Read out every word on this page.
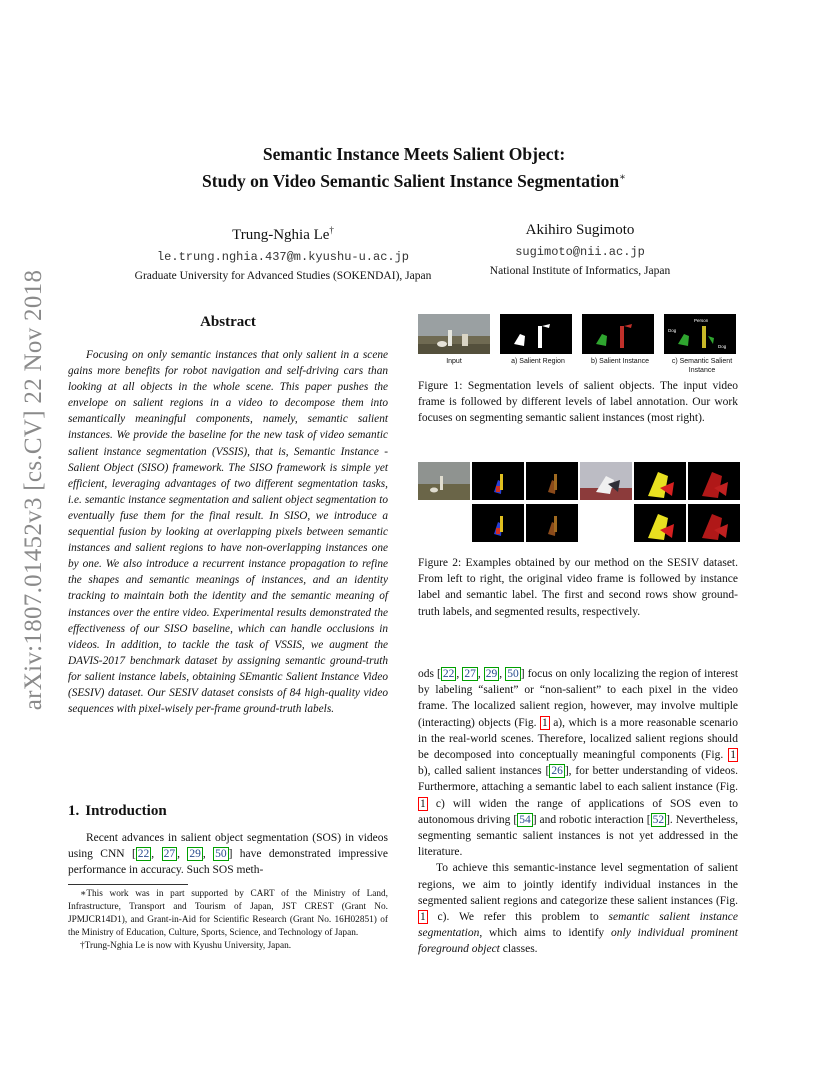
arXiv:1807.01452v3 [cs.CV] 22 Nov 2018
Semantic Instance Meets Salient Object:
Study on Video Semantic Salient Instance Segmentation∗
Trung-Nghia Le†
le.trung.nghia.437@m.kyushu-u.ac.jp
Graduate University for Advanced Studies (SOKENDAI), Japan
Akihiro Sugimoto
sugimoto@nii.ac.jp
National Institute of Informatics, Japan
Abstract

Focusing on only semantic instances that only salient in a scene gains more benefits for robot navigation and self-driving cars than looking at all objects in the whole scene. This paper pushes the envelope on salient regions in a video to decompose them into semantically meaningful components, namely, semantic salient instances. We provide the baseline for the new task of video semantic salient instance segmentation (VSSIS), that is, Semantic Instance - Salient Object (SISO) framework. The SISO framework is simple yet efficient, leveraging advantages of two different segmentation tasks, i.e. semantic instance segmentation and salient object segmentation to eventually fuse them for the final result. In SISO, we introduce a sequential fusion by looking at overlapping pixels between semantic instances and salient regions to have non-overlapping instances one by one. We also introduce a recurrent instance propagation to refine the shapes and semantic meanings of instances, and an identity tracking to maintain both the identity and the semantic meaning of instances over the entire video. Experimental results demonstrated the effectiveness of our SISO baseline, which can handle occlusions in videos. In addition, to tackle the task of VSSIS, we augment the DAVIS-2017 benchmark dataset by assigning semantic ground-truth for salient instance labels, obtaining SEmantic Salient Instance Video (SESIV) dataset. Our SESIV dataset consists of 84 high-quality video sequences with pixel-wisely per-frame ground-truth labels.

1. Introduction

Recent advances in salient object segmentation (SOS) in videos using CNN [ 22 , 27 , 29 , 50 ] have demonstrated impressive performance in accuracy. Such SOS meth-

∗This work was in part supported by CART of the Ministry of Land, Infrastructure, Transport and Tourism of Japan, JST CREST (Grant No. JPMJCR14D1), and Grant-in-Aid for Scientific Research (Grant No. 16H02851) of the Ministry of Education, Culture, Sports, Science, and Technology of Japan.

†Trung-Nghia Le is now with Kyushu University, Japan.

Person
Dog
Dog
Input	a) Salient Region	b) Salient Instance	c) Semantic Salient Instance

Figure 1: Segmentation levels of salient objects. The input video frame is followed by different levels of label annotation. Our work focuses on segmenting semantic salient instances (most right).

Figure 2: Examples obtained by our method on the SESIV dataset. From left to right, the original video frame is followed by instance label and semantic label. The first and second rows show ground-truth labels, and segmented results, respectively.

ods [ 22 , 27 , 29 , 50 ] focus on only localizing the region of interest by labeling “salient” or “non-salient” to each pixel in the video frame. The localized salient region, however, may involve multiple (interacting) objects (Fig. 1 a), which is a more reasonable scenario in the real-world scenes. Therefore, localized salient regions should be decomposed into conceptually meaningful components (Fig. 1 b), called salient instances [ 26 ], for better understanding of videos. Furthermore, attaching a semantic label to each salient instance (Fig. 1 c) will widen the range of applications of SOS even to autonomous driving [ 54 ] and robotic interaction [ 52 ]. Nevertheless, segmenting semantic salient instances is not yet addressed in the literature.

To achieve this semantic-instance level segmentation of salient regions, we aim to jointly identify individual instances in the segmented salient regions and categorize these salient instances (Fig. 1 c). We refer this problem to semantic salient instance segmentation, which aims to identify only individual prominent foreground object classes.
